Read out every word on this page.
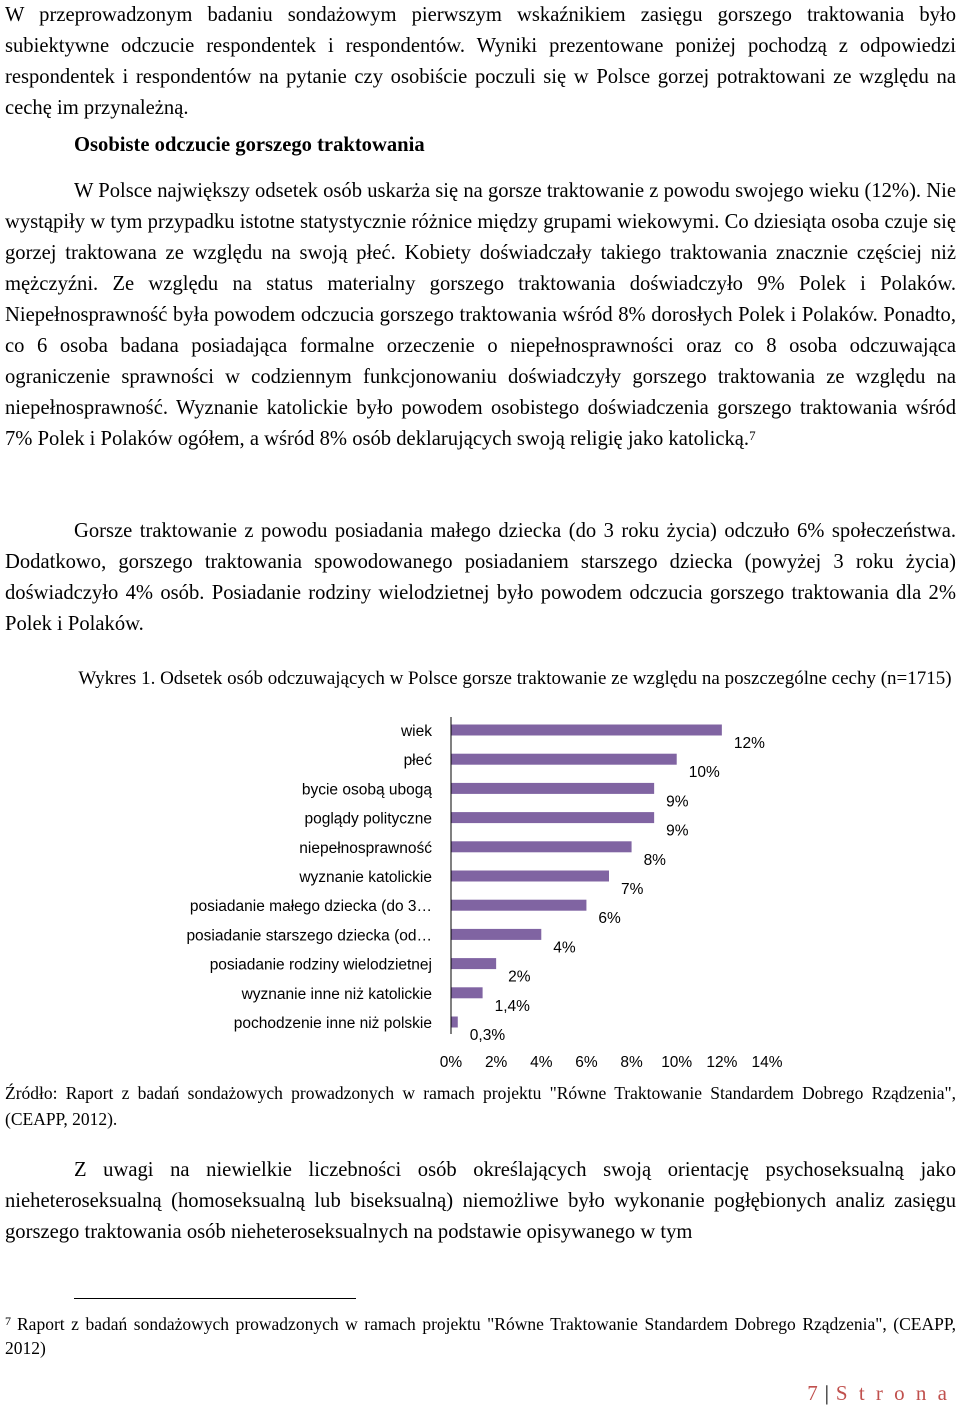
W przeprowadzonym badaniu sondażowym pierwszym wskaźnikiem zasięgu gorszego traktowania było subiektywne odczucie respondentek i respondentów. Wyniki prezentowane poniżej pochodzą z odpowiedzi respondentek i respondentów na pytanie czy osobiście poczuli się w Polsce gorzej potraktowani ze względu na cechę im przynależną.

Osobiste odczucie gorszego traktowania

W Polsce największy odsetek osób uskarża się na gorsze traktowanie z powodu swojego wieku (12%). Nie wystąpiły w tym przypadku istotne statystycznie różnice między grupami wiekowymi. Co dziesiąta osoba czuje się gorzej traktowana ze względu na swoją płeć. Kobiety doświadczały takiego traktowania znacznie częściej niż mężczyźni. Ze względu na status materialny gorszego traktowania doświadczyło 9% Polek i Polaków. Niepełnosprawność była powodem odczucia gorszego traktowania wśród 8% dorosłych Polek i Polaków. Ponadto, co 6 osoba badana posiadająca formalne orzeczenie o niepełnosprawności oraz co 8 osoba odczuwająca ograniczenie sprawności w codziennym funkcjonowaniu doświadczyły gorszego traktowania ze względu na niepełnosprawność. Wyznanie katolickie było powodem osobistego doświadczenia gorszego traktowania wśród 7% Polek i Polaków ogółem, a wśród 8% osób deklarujących swoją religię jako katolicką.$^7$

Gorsze traktowanie z powodu posiadania małego dziecka (do 3 roku życia) odczuło 6% społeczeństwa. Dodatkowo, gorszego traktowania spowodowanego posiadaniem starszego dziecka (powyżej 3 roku życia) doświadczyło 4% osób. Posiadanie rodziny wielodzietnej było powodem odczucia gorszego traktowania dla 2% Polek i Polaków.

Wykres 1. Odsetek osób odczuwających w Polsce gorsze traktowanie ze względu na poszczególne cechy (n=1715)

wiek
12%
płeć
10%
bycie osobą ubogą
9%
poglądy polityczne
9%
niepełnosprawność
8%
wyznanie katolickie
7%
posiadanie małego dziecka (do 3…
6%
posiadanie starszego dziecka (od…
4%
posiadanie rodziny wielodzietnej
2%
wyznanie inne niż katolickie
1,4%
pochodzenie inne niż polskie
0,3%
0% 2% 4% 6% 8% 10% 12% 14%

Źródło: Raport z badań sondażowych prowadzonych w ramach projektu "Równe Traktowanie Standardem Dobrego Rządzenia", (CEAPP, 2012).

Z uwagi na niewielkie liczebności osób określających swoją orientację psychoseksualną jako nieheteroseksualną (homoseksualną lub biseksualną) niemożliwe było wykonanie pogłębionych analiz zasięgu gorszego traktowania osób nieheteroseksualnych na podstawie opisywanego w tym

$^7$ Raport z badań sondażowych prowadzonych w ramach projektu "Równe Traktowanie Standardem Dobrego Rządzenia", (CEAPP, 2012)

7 | S t r o n a
